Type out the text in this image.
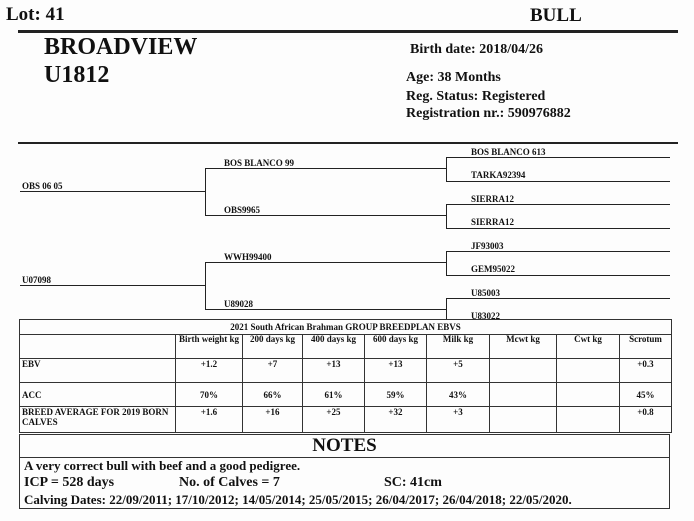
Lot: 41	BULL
BROADVIEW
U1812
Birth date: 2018/04/26
Age: 38 Months
Reg. Status: Registered
Registration nr.: 590976882
OBS 06 05
U07098
BOS BLANCO 99
OBS9965
WWH99400
U89028
BOS BLANCO 613
TARKA92394
SIERRA12
SIERRA12
JF93003
GEM95022
U85003
U83022
2021 South African Brahman GROUP BREEDPLAN EBVS								
	Birth weight kg	200 days kg	400 days kg	600 days kg	Milk kg	Mcwt kg	Cwt kg	Scrotum
EBV	+1.2	+7	+13	+13	+5			+0.3
ACC	70%	66%	61%	59%	43%			45%
BREED AVERAGE FOR 2019 BORN CALVES	+1.6	+16	+25	+32	+3			+0.8
NOTES
A very correct bull with beef and a good pedigree.
ICP = 528 days	No. of Calves = 7	SC: 41cm
Calving Dates: 22/09/2011; 17/10/2012; 14/05/2014; 25/05/2015; 26/04/2017; 26/04/2018; 22/05/2020.
